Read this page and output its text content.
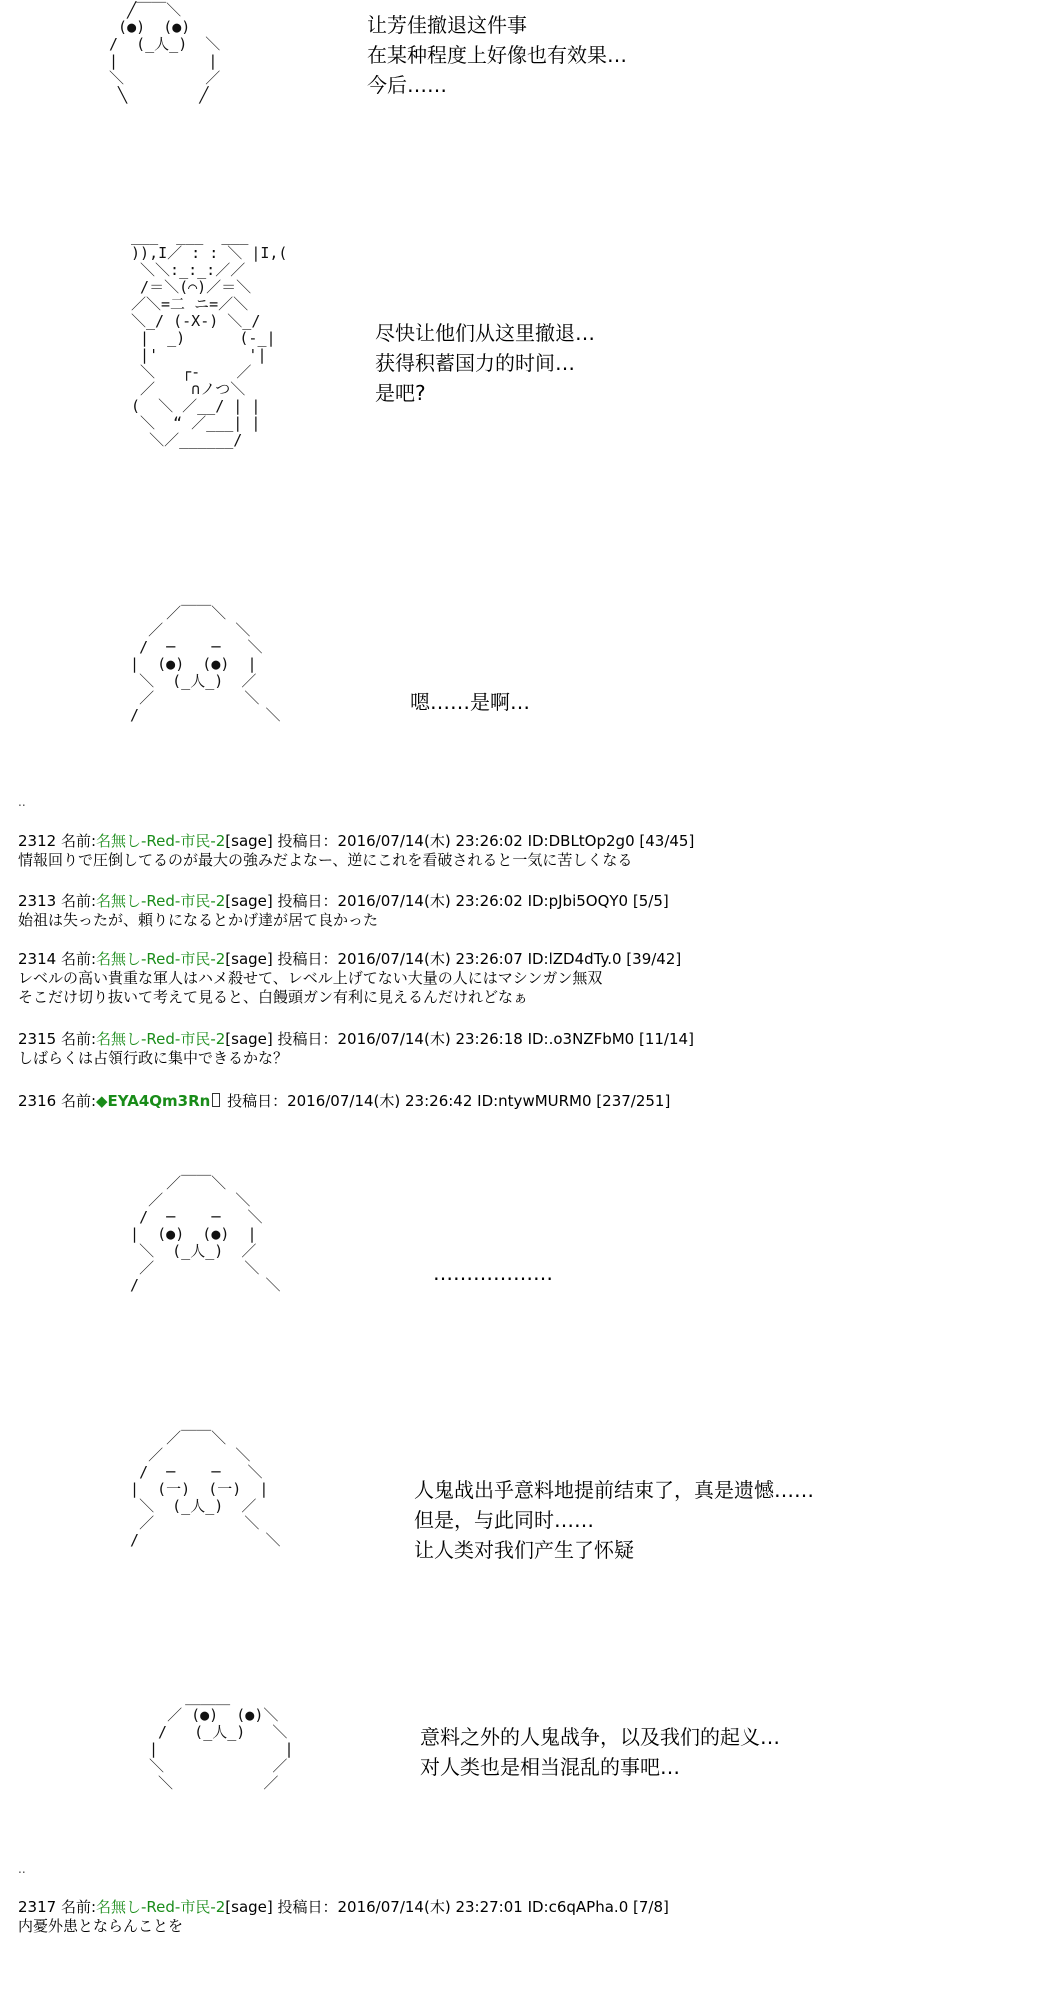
╱￣￣＼
(●)  (●)
/  (_人_)  ＼
|          |
＼         ／
╲        ╱
让芳佳撤退这件事
在某种程度上好像也有效果…
今后……
___  ___  ___
)),I／ : : ＼ |I,(
＼＼:_:_:／／
/＝＼(⌒)／＝＼
／＼=二 ニ=／＼
＼_/ (-X-) ＼_/
|  _)      (-_|
|'          '|
＼   ┌-    ／
／    ∩ノつ＼
(  ＼ ／__/ | |
＼  “ ／___| |
＼／______/
尽快让他们从这里撤退…
获得积蓄国力的时间…
是吧?
／￣￣＼
／        ＼
/  ─    ─   ＼
|  (●)  (●)  |
＼  (_人_)  ／
／          ＼
/              ＼
嗯……是啊…
..
2312 名前:名無し-Red-市民-2[sage] 投稿日：2016/07/14(木) 23:26:02 ID:DBLtOp2g0 [43/45]
情報回りで圧倒してるのが最大の強みだよなー、逆にこれを看破されると一気に苦しくなる
2313 名前:名無し-Red-市民-2[sage] 投稿日：2016/07/14(木) 23:26:02 ID:pJbi5OQY0 [5/5]
始祖は失ったが、頼りになるとかげ達が居て良かった
2314 名前:名無し-Red-市民-2[sage] 投稿日：2016/07/14(木) 23:26:07 ID:lZD4dTy.0 [39/42]
レベルの高い貴重な軍人はハメ殺せて、レベル上げてない大量の人にはマシンガン無双
そこだけ切り抜いて考えて見ると、白饅頭ガン有利に見えるんだけれどなぁ
2315 名前:名無し-Red-市民-2[sage] 投稿日：2016/07/14(木) 23:26:18 ID:.o3NZFbM0 [11/14]
しばらくは占領行政に集中できるかな？
2316 名前:◆EYA4Qm3Rn 投稿日：2016/07/14(木) 23:26:42 ID:ntywMURM0 [237/251]
／￣￣＼
／        ＼
/  ─    ─   ＼
|  (●)  (●)  |
＼  (_人_)  ／
／          ＼
/              ＼	………………
／￣￣＼
／        ＼
/  ─    ─   ＼
|  (一)  (一)  |
＼  (_人_)  ／
／          ＼
/              ＼
人鬼战出乎意料地提前结束了，真是遗憾……
但是，与此同时……
让人类对我们产生了怀疑
＿＿＿
／ (●)  (●)＼
/   (_人_)   ＼
|              |
＼            ／
＼          ／
意料之外的人鬼战争，以及我们的起义…
对人类也是相当混乱的事吧…
..
2317 名前:名無し-Red-市民-2[sage] 投稿日：2016/07/14(木) 23:27:01 ID:c6qAPha.0 [7/8]
内憂外患とならんことを
